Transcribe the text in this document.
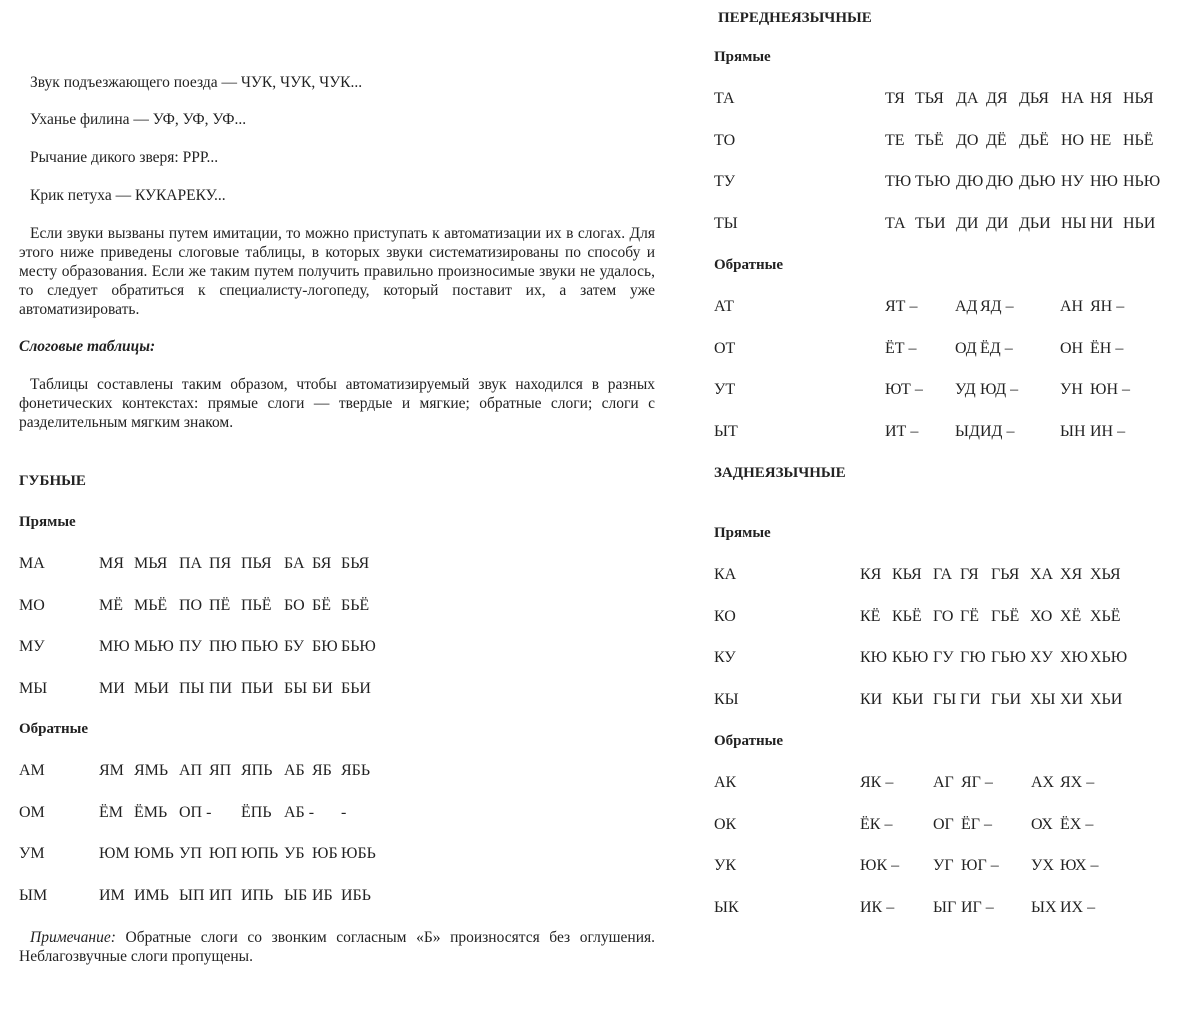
Звук подъезжающего поезда — ЧУК, ЧУК, ЧУК...
Уханье филина — УФ, УФ, УФ...
Рычание дикого зверя: РРР...
Крик петуха — КУКАРЕКУ...
Если звуки вызваны путем имитации, то можно приступать к автоматизации их в слогах. Для этого ниже приведены слоговые таблицы, в которых звуки систематизированы по способу и месту образования. Если же таким путем получить правильно произносимые звуки не удалось, то следует обратиться к специалисту-логопеду, который поставит их, а затем уже автоматизировать.
Слоговые таблицы:
Таблицы составлены таким образом, чтобы автоматизируемый звук находился в разных фонетических контекстах: прямые слоги — твердые и мягкие; обратные слоги; слоги с разделительным мягким знаком.
ГУБНЫЕ
Прямые
МА	МЯ МЬЯ ПА ПЯ ПЬЯ БА БЯ БЬЯ
МО	МЁ МЬЁ ПО ПЁ ПЬЁ БО БЁ БЬЁ
МУ	МЮ МЬЮ ПУ ПЮ ПЬЮ БУ БЮ БЬЮ
МЫ	МИ МЬИ ПЫ ПИ ПЬИ БЫ БИ БЬИ
Обратные
АМ	ЯМ ЯМЬ АП ЯП ЯПЬ АБ ЯБ ЯБЬ
ОМ	ЁМ ЁМЬ ОП - ЁПЬ АБ - -
УМ	ЮМ ЮМЬ УП ЮП ЮПЬ УБ ЮБ ЮБЬ
ЫМ	ИМ ИМЬ ЫП ИП ИПЬ ЫБ ИБ ИБЬ
Примечание: Обратные слоги со звонким согласным «Б» произносятся без оглушения. Неблагозвучные слоги пропущены.
ПЕРЕДНЕЯЗЫЧНЫЕ
Прямые
ТА	ТЯ ТЬЯ ДА ДЯ ДЬЯ НА НЯ НЬЯ
ТО	ТЕ ТЬЁ ДО ДЁ ДЬЁ НО НЕ НЬЁ
ТУ	ТЮ ТЬЮ ДЮ ДЮ ДЬЮ НУ НЮ НЬЮ
ТЫ	ТА ТЬИ ДИ ДИ ДЬИ НЫ НИ НЬИ
Обратные
АТ	ЯТ – АД ЯД –	АН ЯН –
ОТ	ЁТ – ОД ЁД –	ОН ЁН –
УТ	ЮТ – УД ЮД –	УН ЮН –
ЫТ	ИТ – ЫД ИД –	ЫН ИН –
ЗАДНЕЯЗЫЧНЫЕ
Прямые
КА	КЯ КЬЯ ГА ГЯ ГЬЯ ХА ХЯ ХЬЯ
КО	КЁ КЬЁ ГО ГЁ ГЬЁ ХО ХЁ ХЬЁ
КУ	КЮ КЬЮ ГУ ГЮ ГЬЮ ХУ ХЮ ХЬЮ
КЫ	КИ КЬИ ГЫ ГИ ГЬИ ХЫ ХИ ХЬИ
Обратные
АК	ЯК – АГ ЯГ – АХ ЯХ –
ОК	ЁК –	ОГ ЁГ – ОХ ЁХ –
УК	ЮК – УГ ЮГ – УХ ЮХ –
ЫК	ИК – ЫГ ИГ – ЫХ ИХ –
